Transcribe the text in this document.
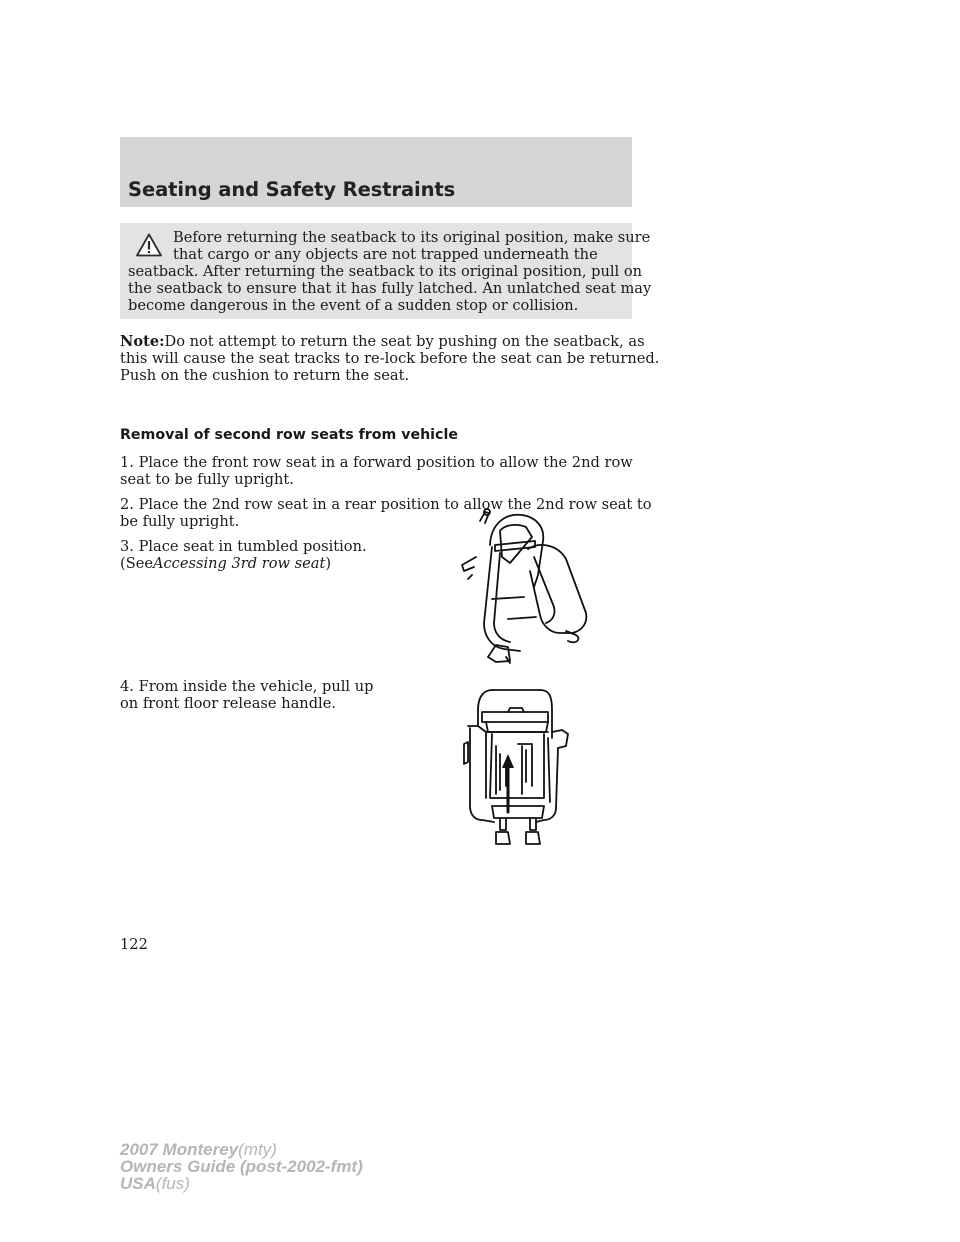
Seating and Safety Restraints
Before returning the seatback to its original position, make sure
that cargo or any objects are not trapped underneath the
seatback. After returning the seatback to its original position, pull on
the seatback to ensure that it has fully latched. An unlatched seat may
become dangerous in the event of a sudden stop or collision.
Note:Do not attempt to return the seat by pushing on the seatback, as
this will cause the seat tracks to re-lock before the seat can be returned.
Push on the cushion to return the seat.
Removal of second row seats from vehicle
1. Place the front row seat in a forward position to allow the 2nd row
seat to be fully upright.
2. Place the 2nd row seat in a rear position to allow the 2nd row seat to
be fully upright.
3. Place seat in tumbled position.
(SeeAccessing 3rd row seat)
4. From inside the vehicle, pull up
on front floor release handle.
122
2007 Monterey(mty)
Owners Guide (post-2002-fmt)
USA(fus)
